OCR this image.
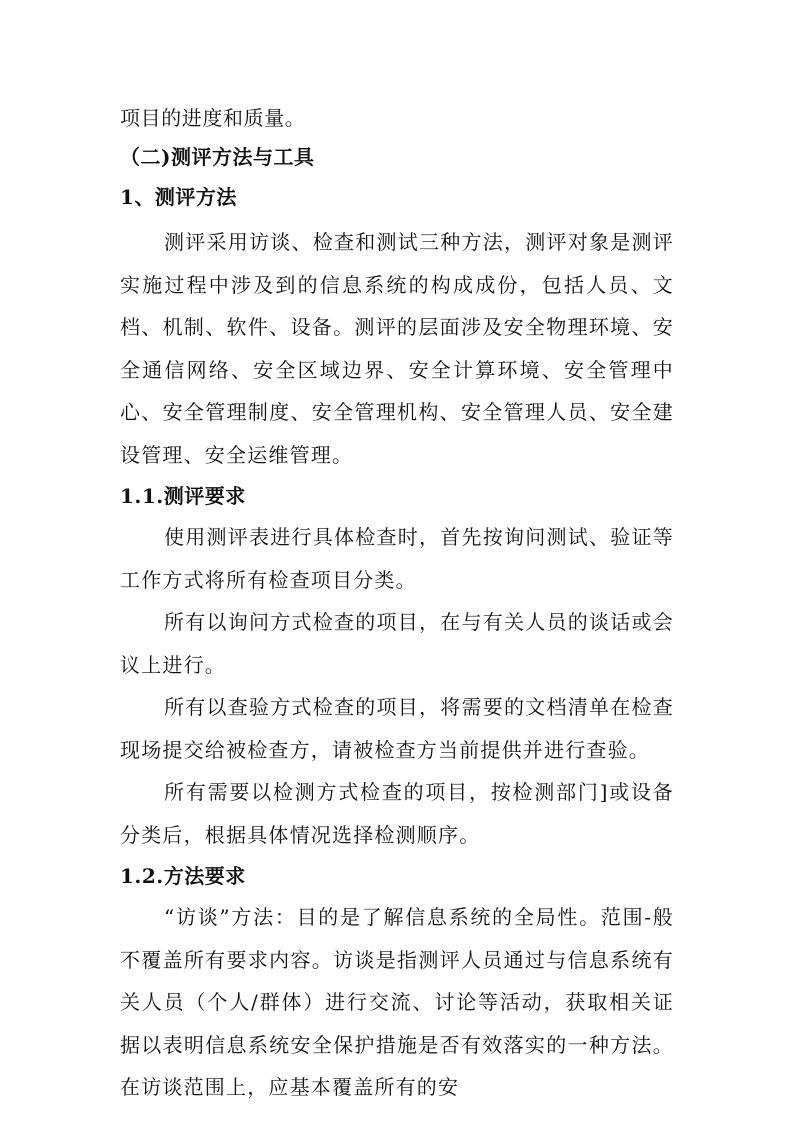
项目的进度和质量。
（二)测评方法与工具
1、测评方法

测评采用访谈、检查和测试三种方法，测评对象是测评实施过程中涉及到的信息系统的构成成份，包括人员、文档、机制、软件、设备。测评的层面涉及安全物理环境、安全通信网络、安全区域边界、安全计算环境、安全管理中心、安全管理制度、安全管理机构、安全管理人员、安全建设管理、安全运维管理。

1.1.测评要求

使用测评表进行具体检查时，首先按询问测试、验证等工作方式将所有检查项目分类。

所有以询问方式检查的项目，在与有关人员的谈话或会议上进行。

所有以查验方式检查的项目，将需要的文档清单在检查现场提交给被检查方，请被检查方当前提供并进行查验。

所有需要以检测方式检查的项目，按检测部门]或设备分类后，根据具体情况选择检测顺序。

1.2.方法要求

“访谈”方法：目的是了解信息系统的全局性。范围-般不覆盖所有要求内容。访谈是指测评人员通过与信息系统有关人员（个人/群体）进行交流、讨论等活动，获取相关证据以表明信息系统安全保护措施是否有效落实的一种方法。在访谈范围上，应基本覆盖所有的安
